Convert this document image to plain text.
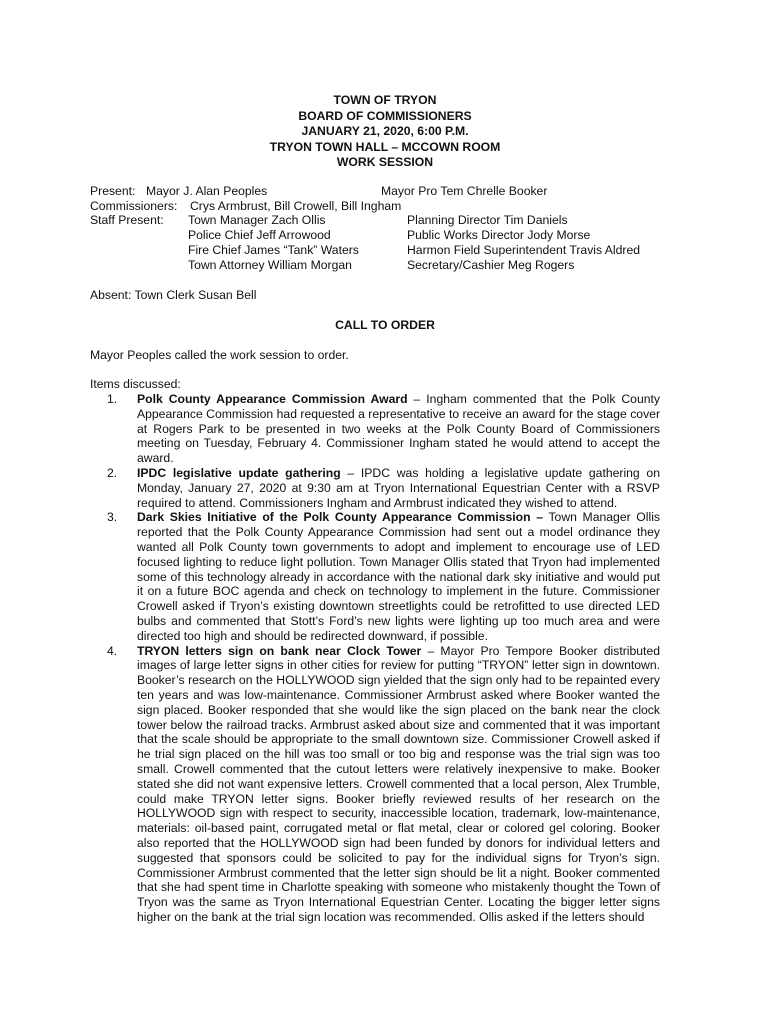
TOWN OF TRYON
BOARD OF COMMISSIONERS
JANUARY 21, 2020, 6:00 P.M.
TRYON TOWN HALL – MCCOWN ROOM
WORK SESSION
Present: Mayor J. Alan Peoples	Mayor Pro Tem Chrelle Booker
Commissioners: Crys Armbrust, Bill Crowell, Bill Ingham
Staff Present: Town Manager Zach Ollis
Police Chief Jeff Arrowood
Fire Chief James “Tank” Waters
Town Attorney William Morgan
Planning Director Tim Daniels
Public Works Director Jody Morse
Harmon Field Superintendent Travis Aldred
Secretary/Cashier Meg Rogers
Absent: Town Clerk Susan Bell
CALL TO ORDER
Mayor Peoples called the work session to order.
Items discussed:
1. Polk County Appearance Commission Award – Ingham commented that the Polk County Appearance Commission had requested a representative to receive an award for the stage cover at Rogers Park to be presented in two weeks at the Polk County Board of Commissioners meeting on Tuesday, February 4. Commissioner Ingham stated he would attend to accept the award.
2. IPDC legislative update gathering – IPDC was holding a legislative update gathering on Monday, January 27, 2020 at 9:30 am at Tryon International Equestrian Center with a RSVP required to attend. Commissioners Ingham and Armbrust indicated they wished to attend.
3. Dark Skies Initiative of the Polk County Appearance Commission – Town Manager Ollis reported that the Polk County Appearance Commission had sent out a model ordinance they wanted all Polk County town governments to adopt and implement to encourage use of LED focused lighting to reduce light pollution. Town Manager Ollis stated that Tryon had implemented some of this technology already in accordance with the national dark sky initiative and would put it on a future BOC agenda and check on technology to implement in the future. Commissioner Crowell asked if Tryon’s existing downtown streetlights could be retrofitted to use directed LED bulbs and commented that Stott’s Ford’s new lights were lighting up too much area and were directed too high and should be redirected downward, if possible.
4. TRYON letters sign on bank near Clock Tower – Mayor Pro Tempore Booker distributed images of large letter signs in other cities for review for putting “TRYON” letter sign in downtown. Booker’s research on the HOLLYWOOD sign yielded that the sign only had to be repainted every ten years and was low-maintenance. Commissioner Armbrust asked where Booker wanted the sign placed. Booker responded that she would like the sign placed on the bank near the clock tower below the railroad tracks. Armbrust asked about size and commented that it was important that the scale should be appropriate to the small downtown size. Commissioner Crowell asked if he trial sign placed on the hill was too small or too big and response was the trial sign was too small. Crowell commented that the cutout letters were relatively inexpensive to make. Booker stated she did not want expensive letters. Crowell commented that a local person, Alex Trumble, could make TRYON letter signs. Booker briefly reviewed results of her research on the HOLLYWOOD sign with respect to security, inaccessible location, trademark, low-maintenance, materials: oil-based paint, corrugated metal or flat metal, clear or colored gel coloring. Booker also reported that the HOLLYWOOD sign had been funded by donors for individual letters and suggested that sponsors could be solicited to pay for the individual signs for Tryon’s sign. Commissioner Armbrust commented that the letter sign should be lit a night. Booker commented that she had spent time in Charlotte speaking with someone who mistakenly thought the Town of Tryon was the same as Tryon International Equestrian Center. Locating the bigger letter signs higher on the bank at the trial sign location was recommended. Ollis asked if the letters should
